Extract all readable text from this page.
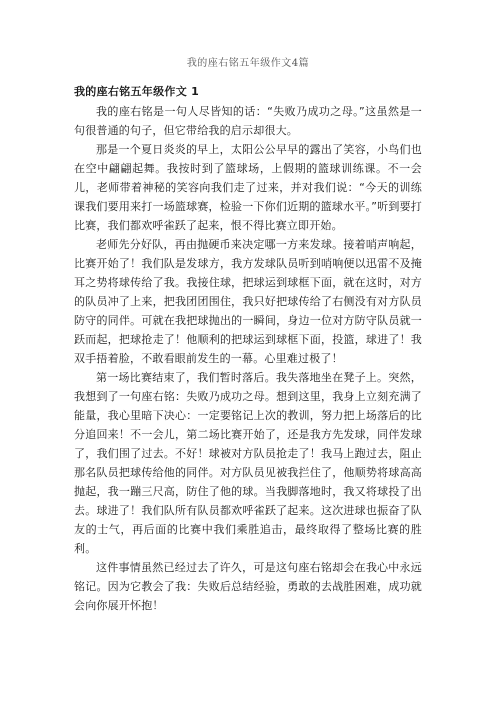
我的座右铭五年级作文4篇

我的座右铭五年级作文 1

我的座右铭是一句人尽皆知的话：“失败乃成功之母。”这虽然是一句很普通的句子，但它带给我的启示却很大。

那是一个夏日炎炎的早上，太阳公公早早的露出了笑容，小鸟们也在空中翩翩起舞。我按时到了篮球场，上假期的篮球训练课。不一会儿，老师带着神秘的笑容向我们走了过来，并对我们说：“今天的训练课我们要用来打一场篮球赛，检验一下你们近期的篮球水平。”听到要打比赛，我们都欢呼雀跃了起来，恨不得比赛立即开始。

老师先分好队，再由抛硬币来决定哪一方来发球。接着哨声响起，比赛开始了！我们队是发球方，我方发球队员听到哨响便以迅雷不及掩耳之势将球传给了我。我接住球，把球运到球框下面，就在这时，对方的队员冲了上来，把我团团围住，我只好把球传给了右侧没有对方队员防守的同伴。可就在我把球抛出的一瞬间，身边一位对方防守队员就一跃而起，把球抢走了！他顺利的把球运到球框下面，投篮，球进了！我双手捂着脸，不敢看眼前发生的一幕。心里难过极了！

第一场比赛结束了，我们暂时落后。我失落地坐在凳子上。突然，我想到了一句座右铭：失败乃成功之母。想到这里，我身上立刻充满了能量，我心里暗下决心：一定要铭记上次的教训，努力把上场落后的比分追回来！不一会儿，第二场比赛开始了，还是我方先发球，同伴发球了，我们围了过去。不好！球被对方队员抢走了！我马上跑过去，阻止那名队员把球传给他的同伴。对方队员见被我拦住了，他顺势将球高高抛起，我一蹦三尺高，防住了他的球。当我脚落地时，我又将球投了出去。球进了！我们队所有队员都欢呼雀跃了起来。这次进球也振奋了队友的士气，再后面的比赛中我们乘胜追击，最终取得了整场比赛的胜利。

这件事情虽然已经过去了许久，可是这句座右铭却会在我心中永远铭记。因为它教会了我：失败后总结经验，勇敢的去战胜困难，成功就会向你展开怀抱！
